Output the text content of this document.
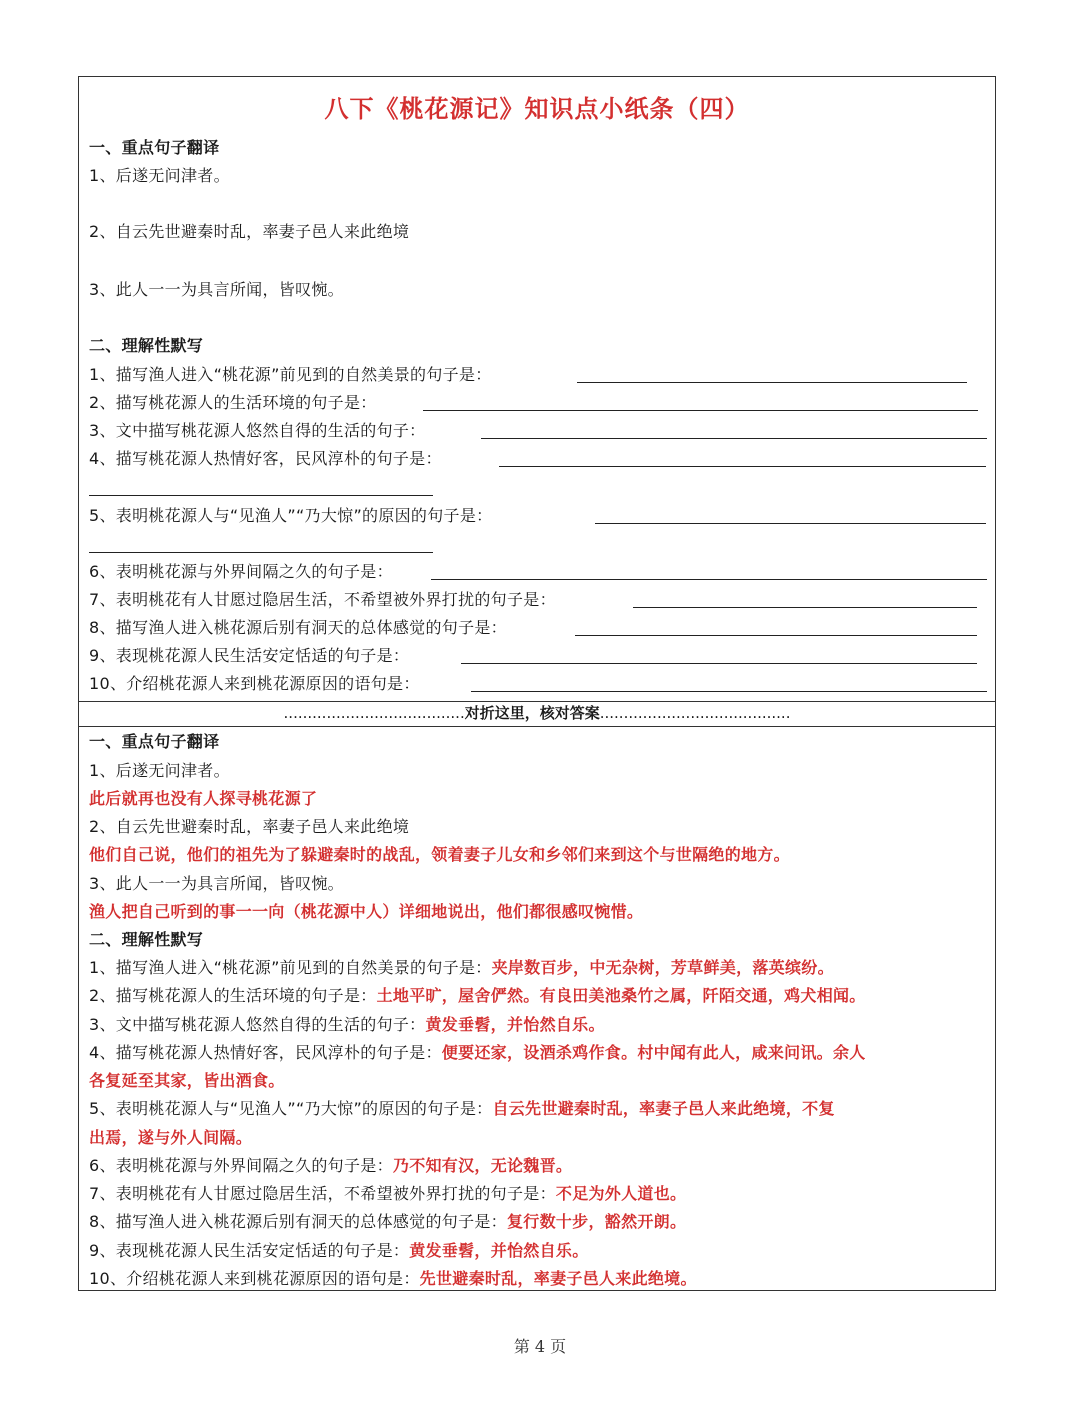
八下《桃花源记》知识点小纸条（四）
一、重点句子翻译
1、后遂无问津者。
2、自云先世避秦时乱，率妻子邑人来此绝境
3、此人一一为具言所闻，皆叹惋。
二、理解性默写
1、描写渔人进入“桃花源”前见到的自然美景的句子是：
2、描写桃花源人的生活环境的句子是：
3、文中描写桃花源人悠然自得的生活的句子：
4、描写桃花源人热情好客，民风淳朴的句子是：
5、表明桃花源人与“见渔人”“乃大惊”的原因的句子是：
6、表明桃花源与外界间隔之久的句子是：
7、表明桃花有人甘愿过隐居生活，不希望被外界打扰的句子是：
8、描写渔人进入桃花源后别有洞天的总体感觉的句子是：
9、表现桃花源人民生活安定恬适的句子是：
10、介绍桃花源人来到桃花源原因的语句是：
......................................对折这里，核对答案........................................
一、重点句子翻译
1、后遂无问津者。
此后就再也没有人探寻桃花源了
2、自云先世避秦时乱，率妻子邑人来此绝境
他们自己说，他们的祖先为了躲避秦时的战乱，领着妻子儿女和乡邻们来到这个与世隔绝的地方。
3、此人一一为具言所闻，皆叹惋。
渔人把自己听到的事一一向（桃花源中人）详细地说出，他们都很感叹惋惜。
二、理解性默写
1、描写渔人进入“桃花源”前见到的自然美景的句子是：夹岸数百步，中无杂树，芳草鲜美，落英缤纷。
2、描写桃花源人的生活环境的句子是：土地平旷，屋舍俨然。有良田美池桑竹之属，阡陌交通，鸡犬相闻。
3、文中描写桃花源人悠然自得的生活的句子：黄发垂髫，并怡然自乐。
4、描写桃花源人热情好客，民风淳朴的句子是：便要还家，设酒杀鸡作食。村中闻有此人，咸来问讯。余人
各复延至其家，皆出酒食。
5、表明桃花源人与“见渔人”“乃大惊”的原因的句子是：自云先世避秦时乱，率妻子邑人来此绝境，不复
出焉，遂与外人间隔。
6、表明桃花源与外界间隔之久的句子是：乃不知有汉，无论魏晋。
7、表明桃花有人甘愿过隐居生活，不希望被外界打扰的句子是：不足为外人道也。
8、描写渔人进入桃花源后别有洞天的总体感觉的句子是：复行数十步，豁然开朗。
9、表现桃花源人民生活安定恬适的句子是：黄发垂髫，并怡然自乐。
10、介绍桃花源人来到桃花源原因的语句是：先世避秦时乱，率妻子邑人来此绝境。
第 4 页
